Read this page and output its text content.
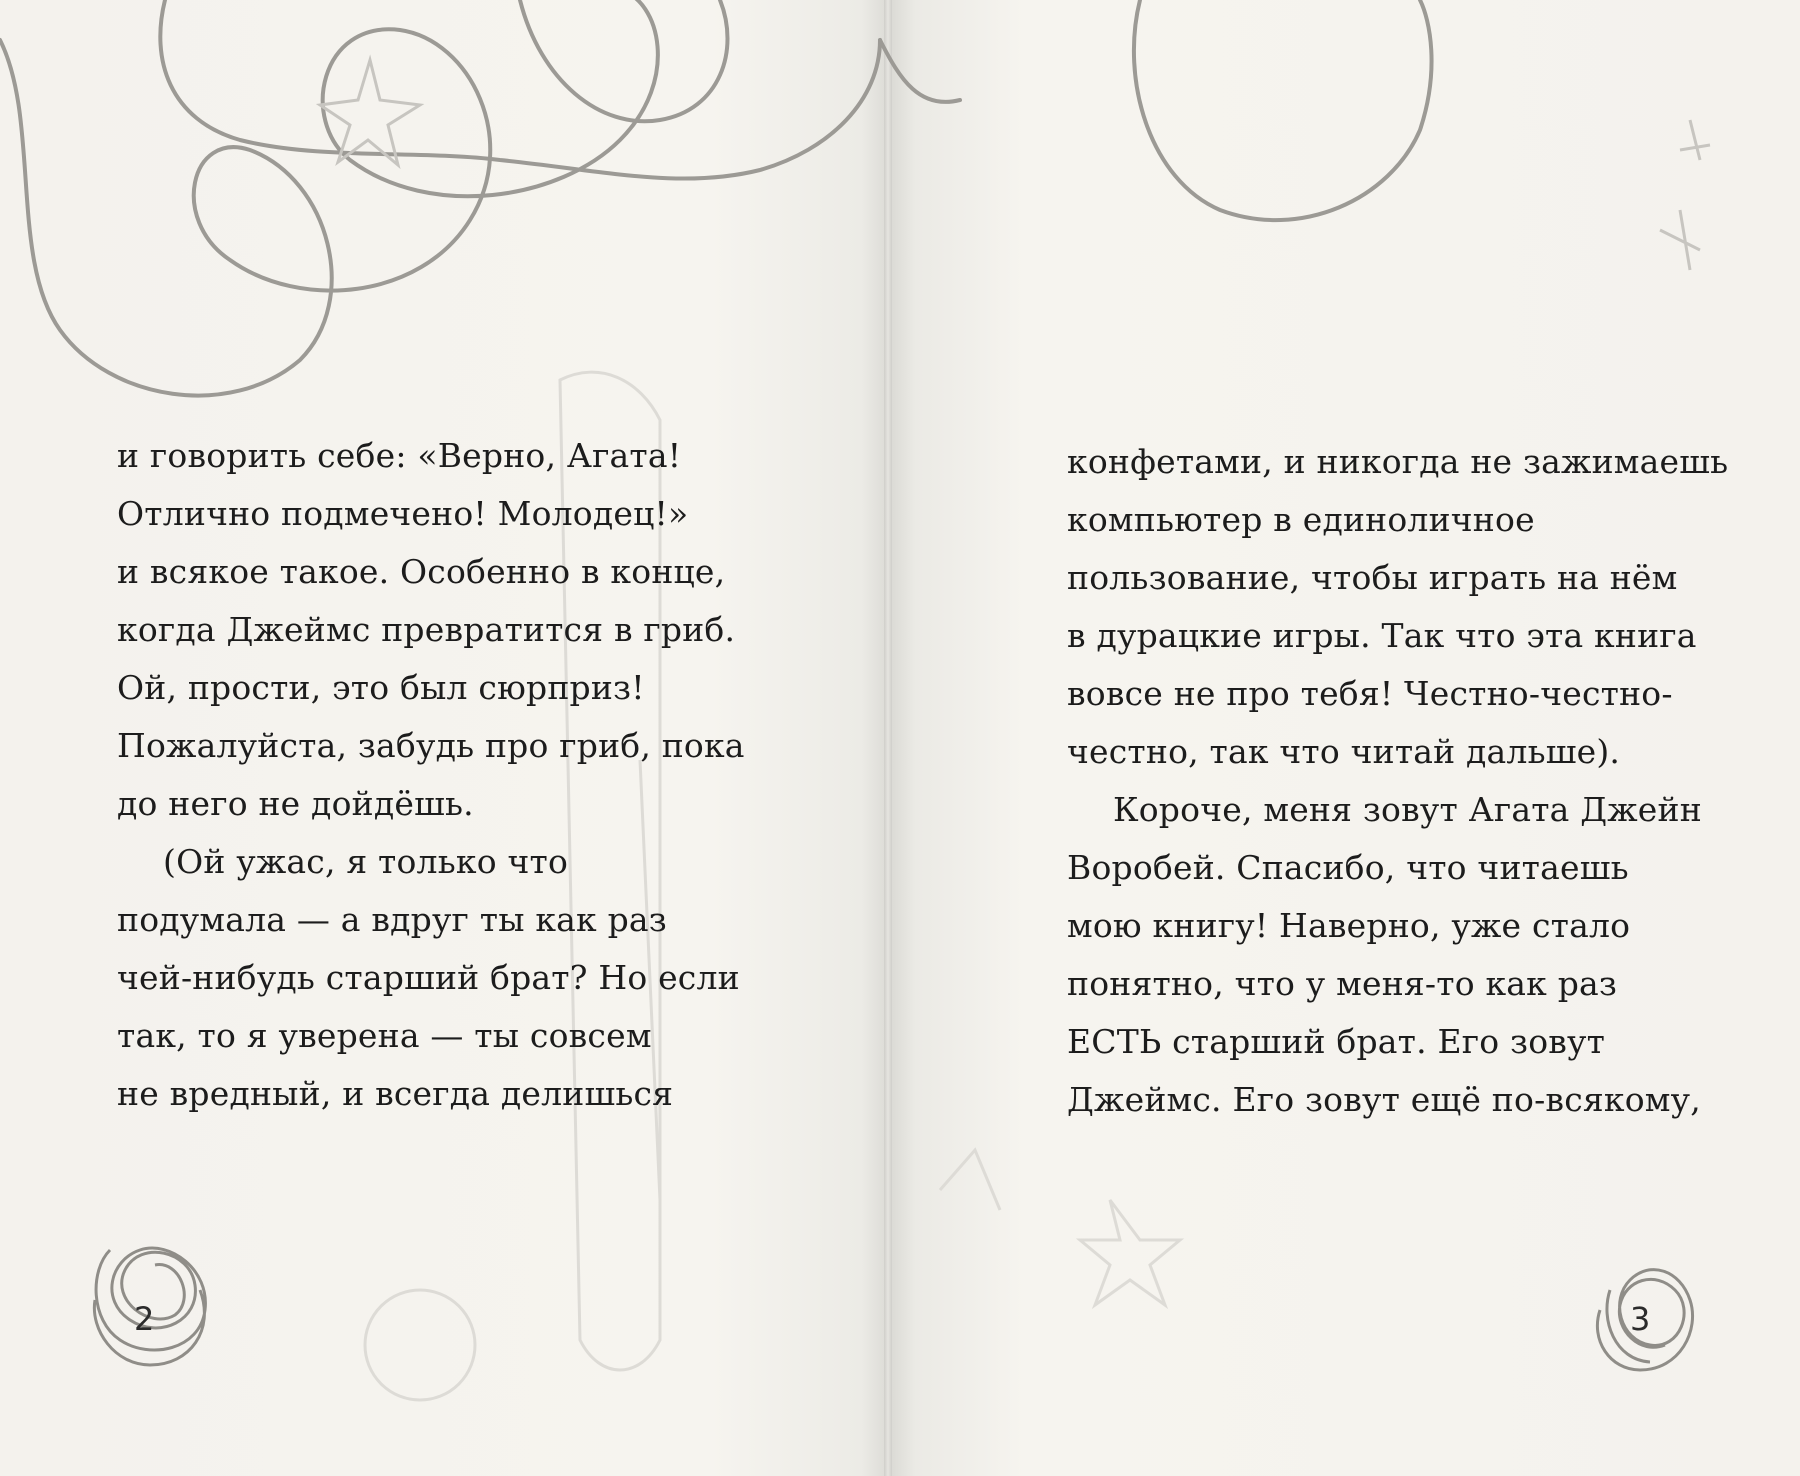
и говорить себе: «Верно, Агата!
Отлично подмечено! Молодец!»
и всякое такое. Особенно в конце,
когда Джеймс превратится в гриб.
Ой, прости, это был сюрприз!
Пожалуйста, забудь про гриб, пока
до него не дойдёшь.
(Ой ужас, я только что
подумала — а вдруг ты как раз
чей-нибудь старший брат? Но если
так, то я уверена — ты совсем
не вредный, и всегда делишься
конфетами, и никогда не зажимаешь
компьютер в единоличное
пользование, чтобы играть на нём
в дурацкие игры. Так что эта книга
вовсе не про тебя! Честно-честно-
честно, так что читай дальше).
Короче, меня зовут Агата Джейн
Воробей. Спасибо, что читаешь
мою книгу! Наверно, уже стало
понятно, что у меня-то как раз
ЕСТЬ старший брат. Его зовут
Джеймс. Его зовут ещё по-всякому,
2	3
